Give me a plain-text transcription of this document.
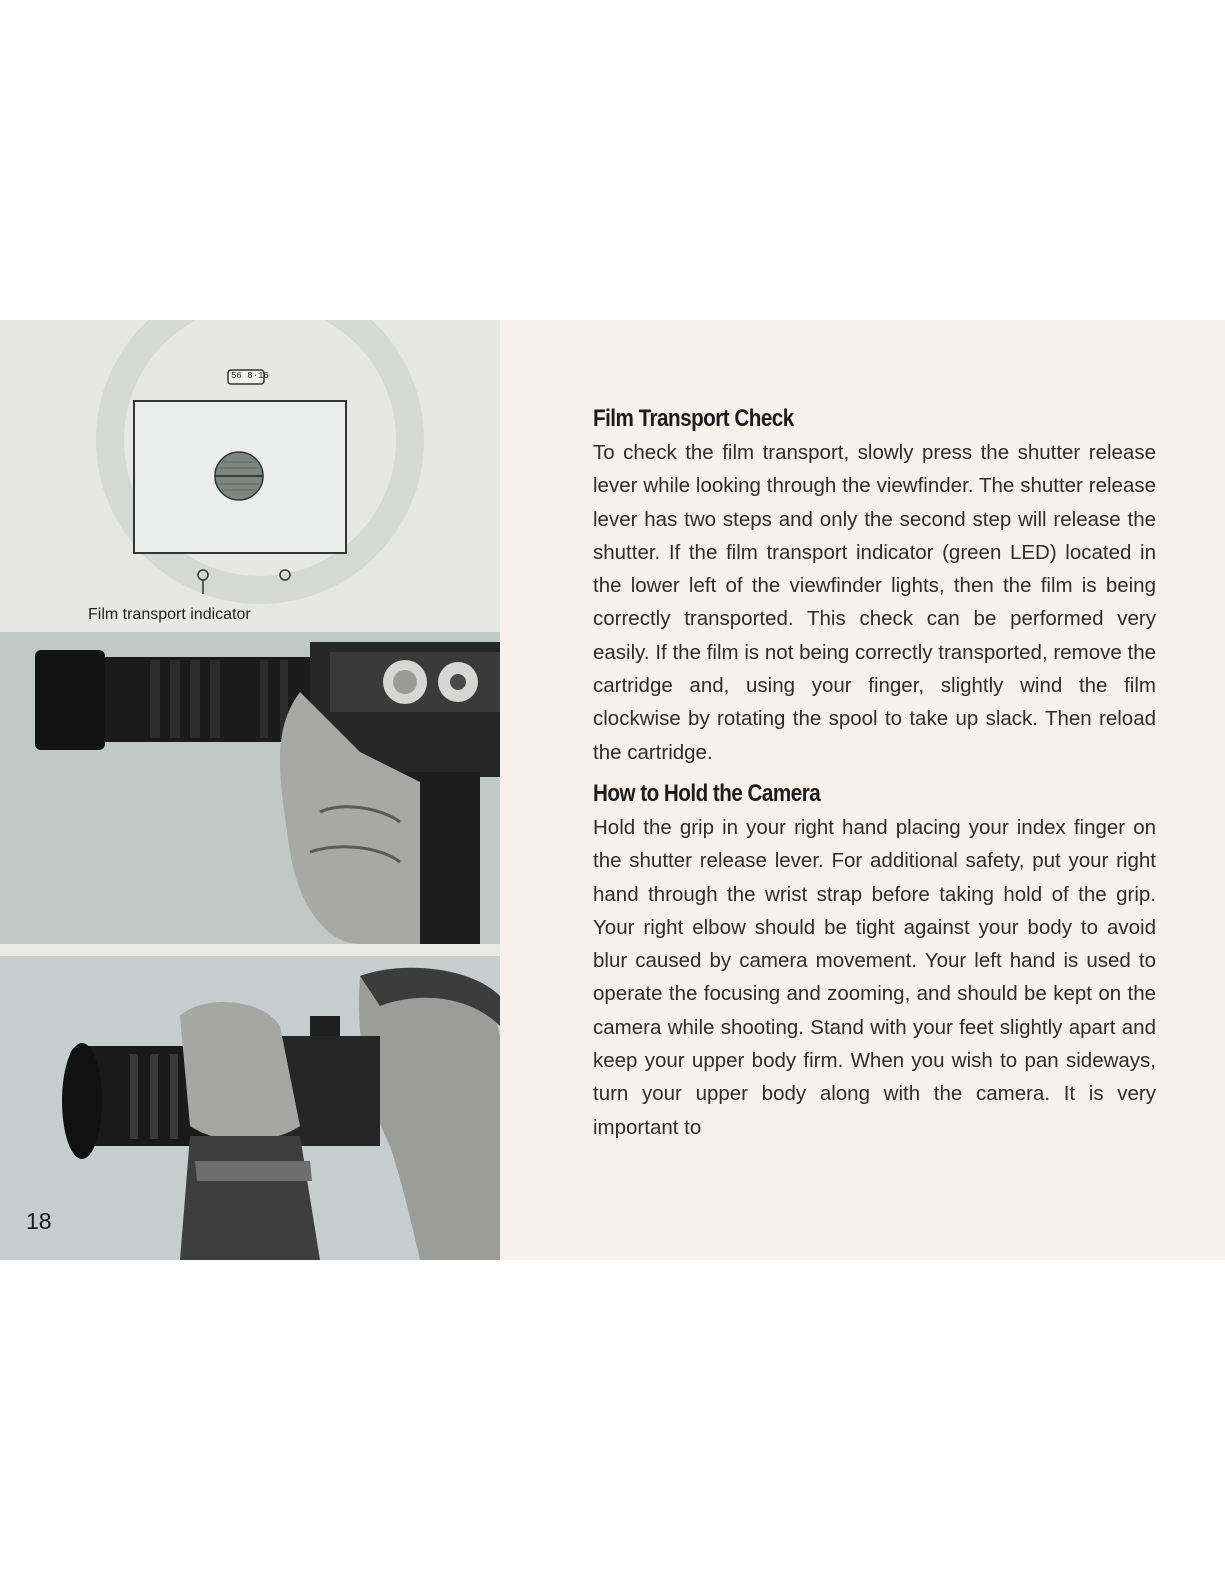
56 8·16
Film transport indicator
18
Film Transport Check

To check the film transport, slowly press the shutter release lever while looking through the viewfinder. The shutter release lever has two steps and only the second step will release the shutter. If the film transport indicator (green LED) located in the lower left of the viewfinder lights, then the film is being correctly transported. This check can be performed very easily. If the film is not being correctly transported, remove the cartridge and, using your finger, slightly wind the film clockwise by rotating the spool to take up slack. Then reload the cartridge.

How to Hold the Camera

Hold the grip in your right hand placing your index finger on the shutter release lever. For additional safety, put your right hand through the wrist strap before taking hold of the grip. Your right elbow should be tight against your body to avoid blur caused by camera movement. Your left hand is used to operate the focusing and zooming, and should be kept on the camera while shooting. Stand with your feet slightly apart and keep your upper body firm. When you wish to pan sideways, turn your upper body along with the camera. It is very important to
